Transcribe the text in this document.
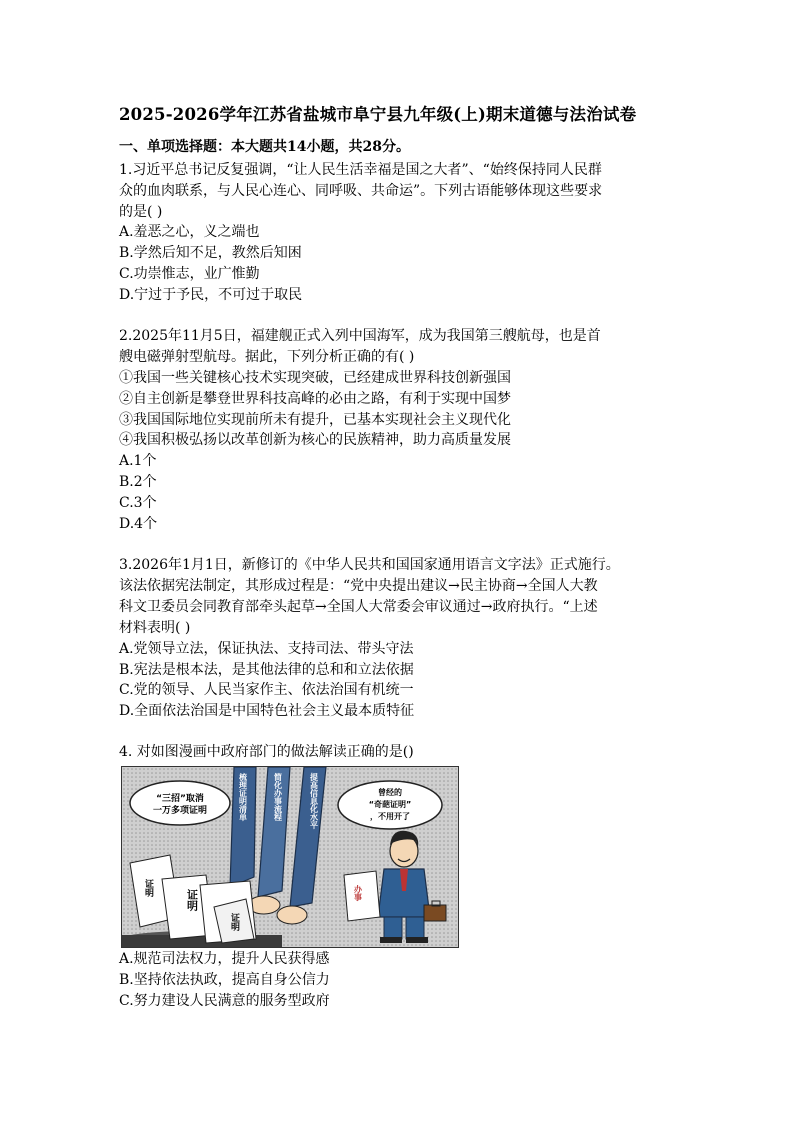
2025-2026学年江苏省盐城市阜宁县九年级(上)期末道德与法治试卷
一、单项选择题：本大题共14小题，共28分。
1.习近平总书记反复强调，“让人民生活幸福是国之大者”、“始终保持同人民群
众的血肉联系，与人民心连心、同呼吸、共命运”。下列古语能够体现这些要求
的是( )
A.羞恶之心，义之端也
B.学然后知不足，教然后知困
C.功崇惟志，业广惟勤
D.宁过于予民，不可过于取民
2.2025年11月5日，福建舰正式入列中国海军，成为我国第三艘航母，也是首
艘电磁弹射型航母。据此，下列分析正确的有( )
①我国一些关键核心技术实现突破，已经建成世界科技创新强国
②自主创新是攀登世界科技高峰的必由之路，有利于实现中国梦
③我国国际地位实现前所未有提升，已基本实现社会主义现代化
④我国积极弘扬以改革创新为核心的民族精神，助力高质量发展
A.1个
B.2个
C.3个
D.4个
3.2026年1月1日，新修订的《中华人民共和国国家通用语言文字法》正式施行。
该法依据宪法制定，其形成过程是：“党中央提出建议→民主协商→全国人大教
科文卫委员会同教育部牵头起草→全国人大常委会审议通过→政府执行。“上述
材料表明( )
A.党领导立法，保证执法、支持司法、带头守法
B.宪法是根本法，是其他法律的总和和立法依据
C.党的领导、人民当家作主、依法治国有机统一
D.全面依法治国是中国特色社会主义最本质特征
4. 对如图漫画中政府部门的做法解读正确的是()
“三招”取消
一万多项证明
曾经的
“奇葩证明”
，不用开了
梳理证明清单	简化办事流程	提高信息化水平
证明
证明
证明
办事
A.规范司法权力，提升人民获得感
B.坚持依法执政，提高自身公信力
C.努力建设人民满意的服务型政府
